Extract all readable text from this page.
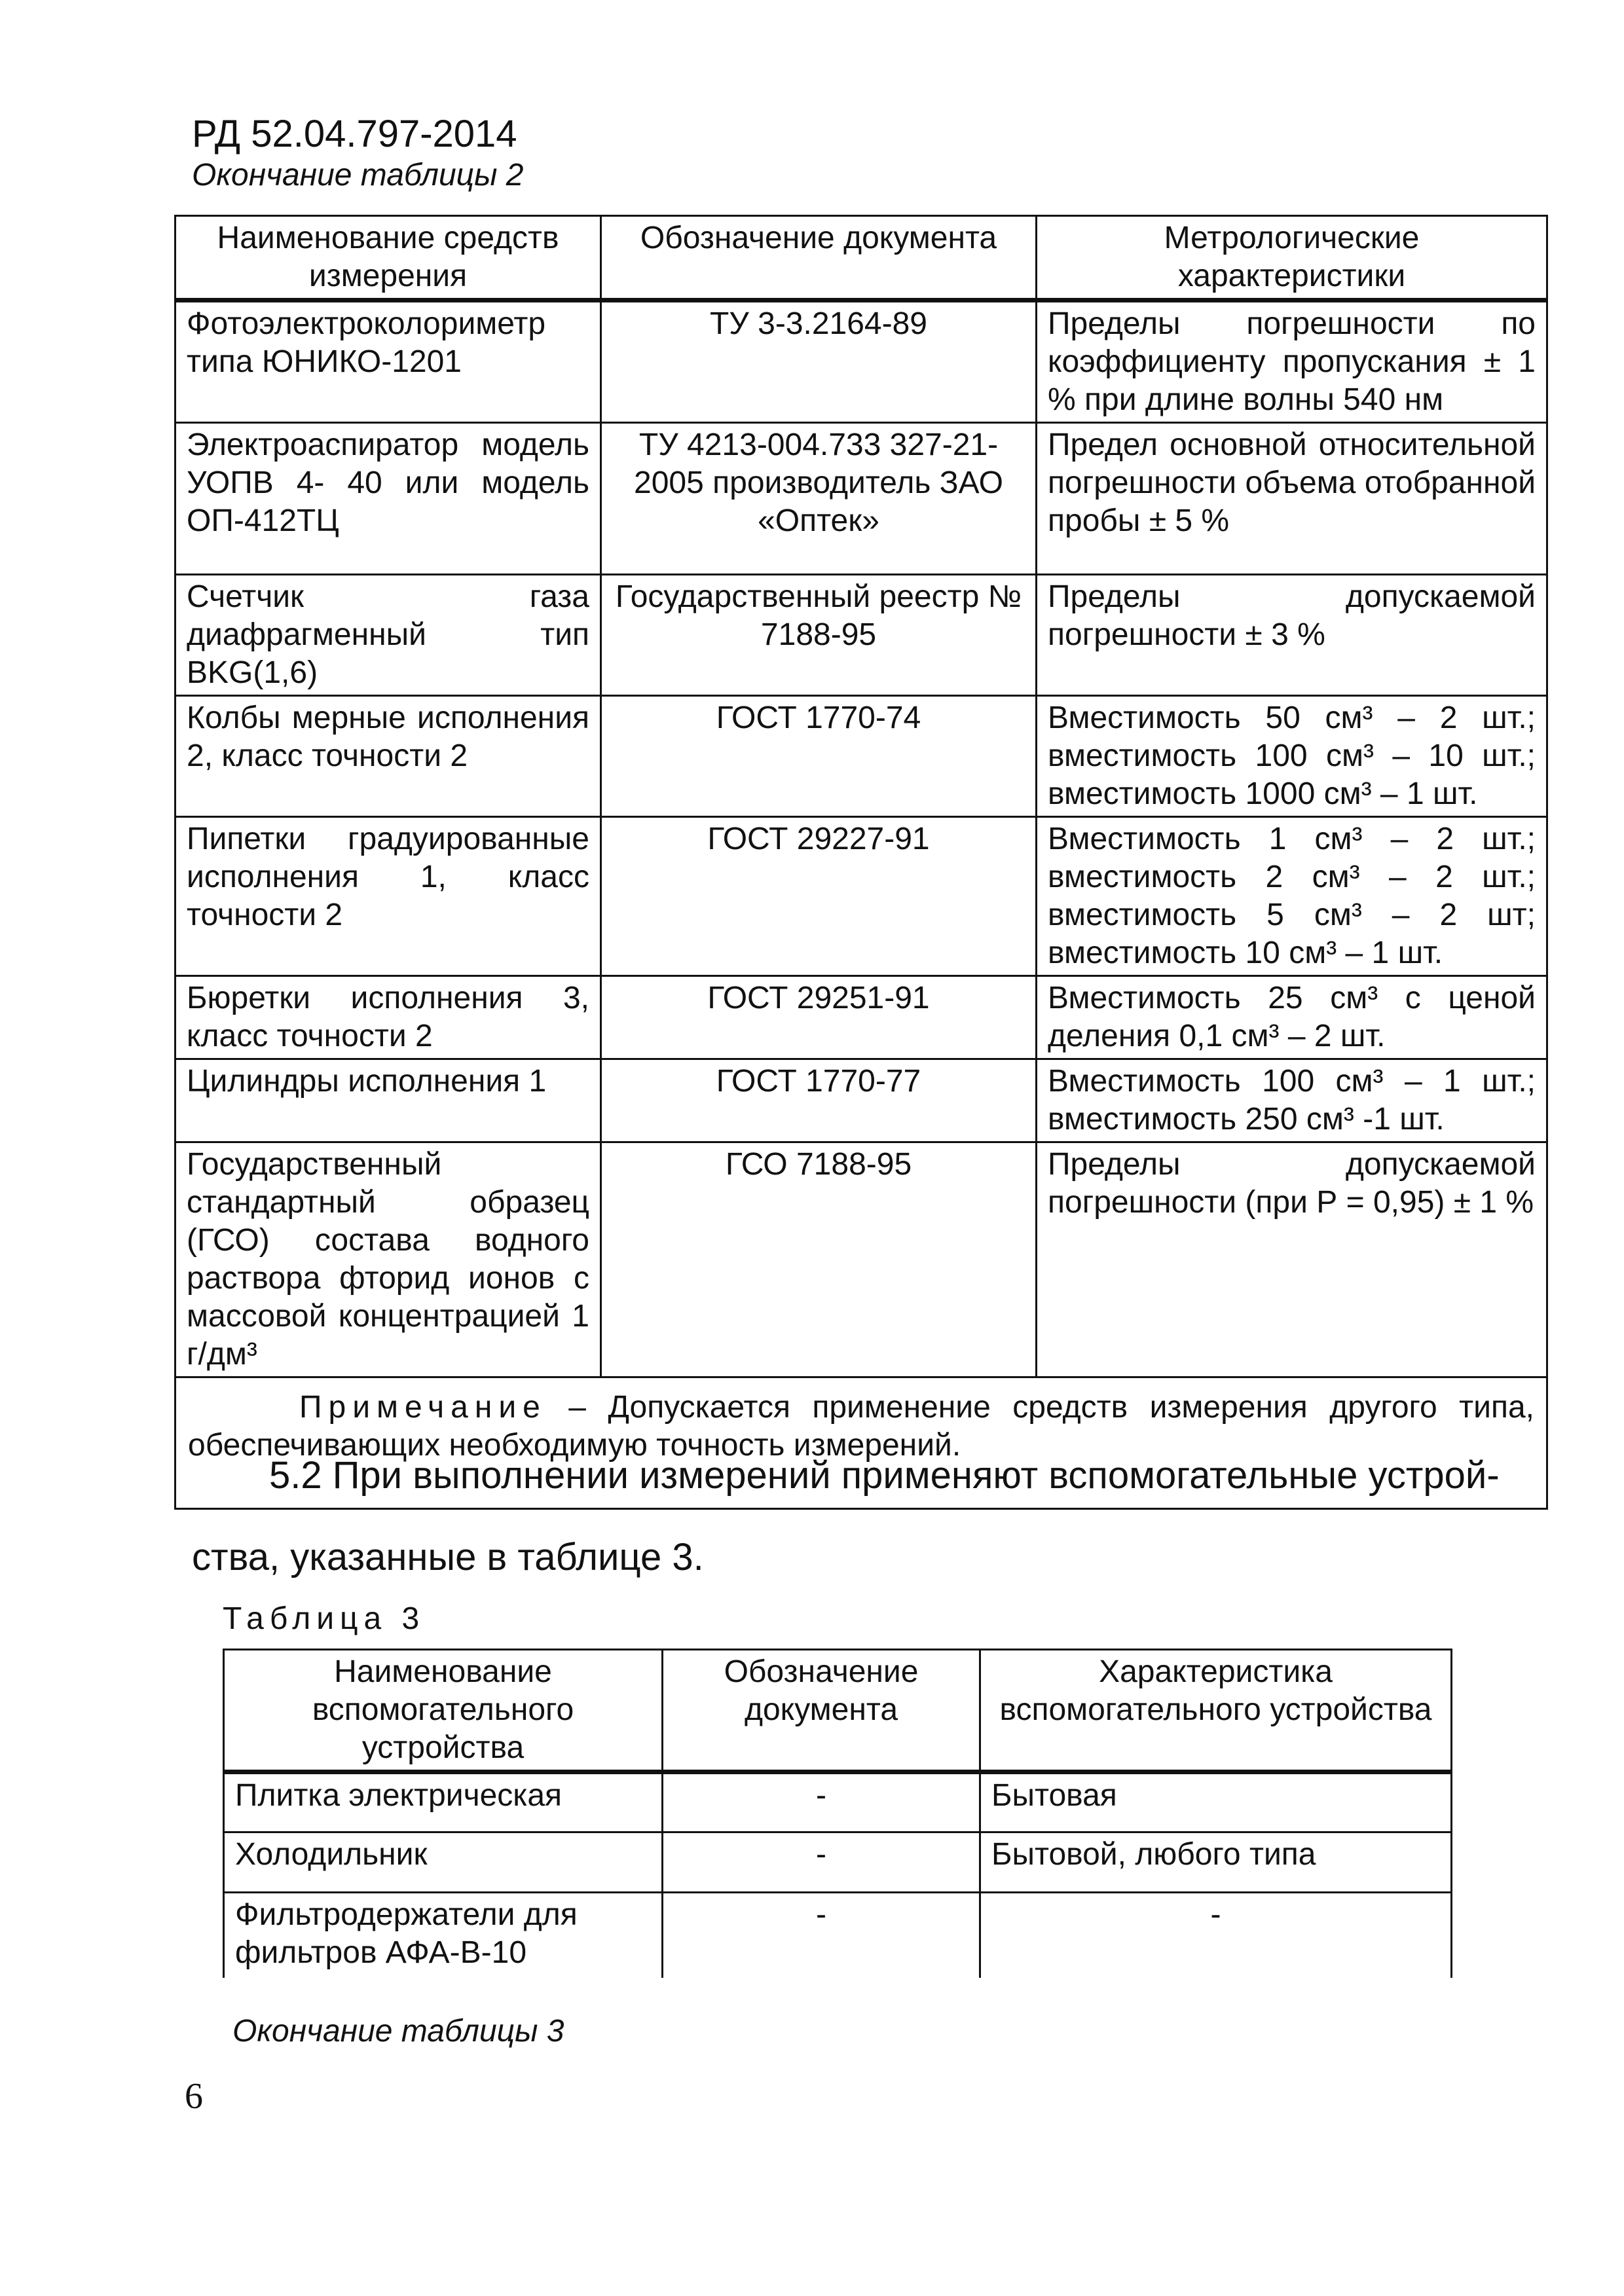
РД 52.04.797-2014
Окончание таблицы 2
Наименование средств измерения	Обозначение документа	Метрологические характеристики
Фотоэлектроколориметр типа ЮНИКО-1201	ТУ 3-3.2164-89	Пределы погрешности по коэффициенту пропускания ± 1 % при длине волны 540 нм
Электроаспиратор модель УОПВ 4- 40 или модель ОП-412ТЦ	ТУ 4213-004.733 327-21-2005 производитель ЗАО «Оптек»	Предел основной относительной погрешности объема отобранной пробы ± 5 %
Счетчик газа диафрагменный тип BKG(1,6)	Государственный реестр № 7188-95	Пределы допускаемой погрешности ± 3 %
Колбы мерные исполнения 2, класс точности 2	ГОСТ 1770-74	Вместимость 50 см³ – 2 шт.; вместимость 100 см³ – 10 шт.; вместимость 1000 см³ – 1 шт.
Пипетки градуированные исполнения 1, класс точности 2	ГОСТ 29227-91	Вместимость 1 см³ – 2 шт.; вместимость 2 см³ – 2 шт.; вместимость 5 см³ – 2 шт; вместимость 10 см³ – 1 шт.
Бюретки исполнения 3, класс точности 2	ГОСТ 29251-91	Вместимость 25 см³ с ценой деления 0,1 см³ – 2 шт.
Цилиндры исполнения 1	ГОСТ 1770-77	Вместимость 100 см³ – 1 шт.; вместимость 250 см³ -1 шт.
Государственный стандартный образец (ГСО) состава водного раствора фторид ионов с массовой концентрацией 1 г/дм³	ГСО 7188-95	Пределы допускаемой погрешности (при Р = 0,95) ± 1 %
Примечание – Допускается применение средств измерения другого типа, обеспечивающих необходимую точность измерений.		
5.2 При выполнении измерений применяют вспомогательные устрой-
ства, указанные в таблице 3.
Таблица 3
Наименование вспомогательного устройства	Обозначение документа	Характеристика вспомогательного устройства
Плитка электрическая	-	Бытовая
Холодильник	-	Бытовой, любого типа
Фильтродержатели для фильтров АФА-В-10	-	-
Окончание таблицы 3
6
